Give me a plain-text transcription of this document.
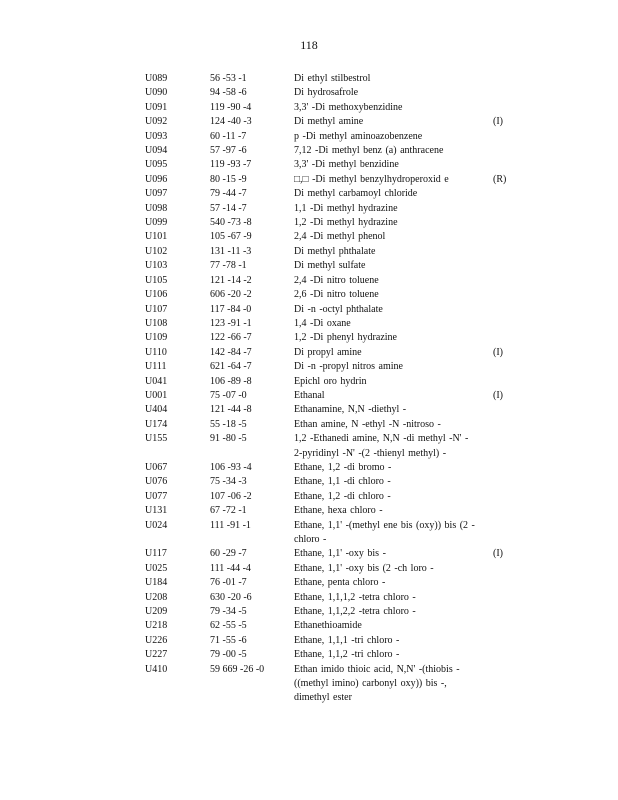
118
U089	56 -53 -1	Di ethyl stilbestrol
U090	94 -58 -6	Di hydrosafrole
U091	119 -90 -4	3,3' -Di methoxybenzidine
U092	124 -40 -3	Di methyl amine	(I)
U093	60 -11 -7	p -Di methyl aminoazobenzene
U094	57 -97 -6	7,12 -Di methyl benz (a) anthracene
U095	119 -93 -7	3,3' -Di methyl benzidine
U096	80 -15 -9	□,□ -Di methyl benzylhydroperoxid e	(R)
U097	79 -44 -7	Di methyl carbamoyl chloride
U098	57 -14 -7	1,1 -Di methyl hydrazine
U099	540 -73 -8	1,2 -Di methyl hydrazine
U101	105 -67 -9	2,4 -Di methyl phenol
U102	131 -11 -3	Di methyl phthalate
U103	77 -78 -1	Di methyl sulfate
U105	121 -14 -2	2,4 -Di nitro toluene
U106	606 -20 -2	2,6 -Di nitro toluene
U107	117 -84 -0	Di -n -octyl phthalate
U108	123 -91 -1	1,4 -Di oxane
U109	122 -66 -7	1,2 -Di phenyl hydrazine
U110	142 -84 -7	Di propyl amine	(I)
U111	621 -64 -7	Di -n -propyl nitros amine
U041	106 -89 -8	Epichl oro hydrin
U001	75 -07 -0	Ethanal	(I)
U404	121 -44 -8	Ethanamine, N,N -diethyl -
U174	55 -18 -5	Ethan amine, N -ethyl -N -nitroso -
U155	91 -80 -5	1,2 -Ethanedi amine, N,N -di methyl -N' -
2-pyridinyl -N' -(2 -thienyl methyl) -
U067	106 -93 -4	Ethane, 1,2 -di bromo -
U076	75 -34 -3	Ethane, 1,1 -di chloro -
U077	107 -06 -2	Ethane, 1,2 -di chloro -
U131	67 -72 -1	Ethane, hexa chloro -
U024	111 -91 -1	Ethane, 1,1' -(methyl ene bis (oxy)) bis (2 -
chloro -
U117	60 -29 -7	Ethane, 1,1' -oxy bis -	(I)
U025	111 -44 -4	Ethane, 1,1' -oxy bis (2 -ch loro -
U184	76 -01 -7	Ethane, penta chloro -
U208	630 -20 -6	Ethane, 1,1,1,2 -tetra chloro -
U209	79 -34 -5	Ethane, 1,1,2,2 -tetra chloro -
U218	62 -55 -5	Ethanethioamide
U226	71 -55 -6	Ethane, 1,1,1 -tri chloro -
U227	79 -00 -5	Ethane, 1,1,2 -tri chloro -
U410	59 669 -26 -0	Ethan imido thioic acid, N,N' -(thiobis -
((methyl imino) carbonyl oxy)) bis -,
dimethyl ester
